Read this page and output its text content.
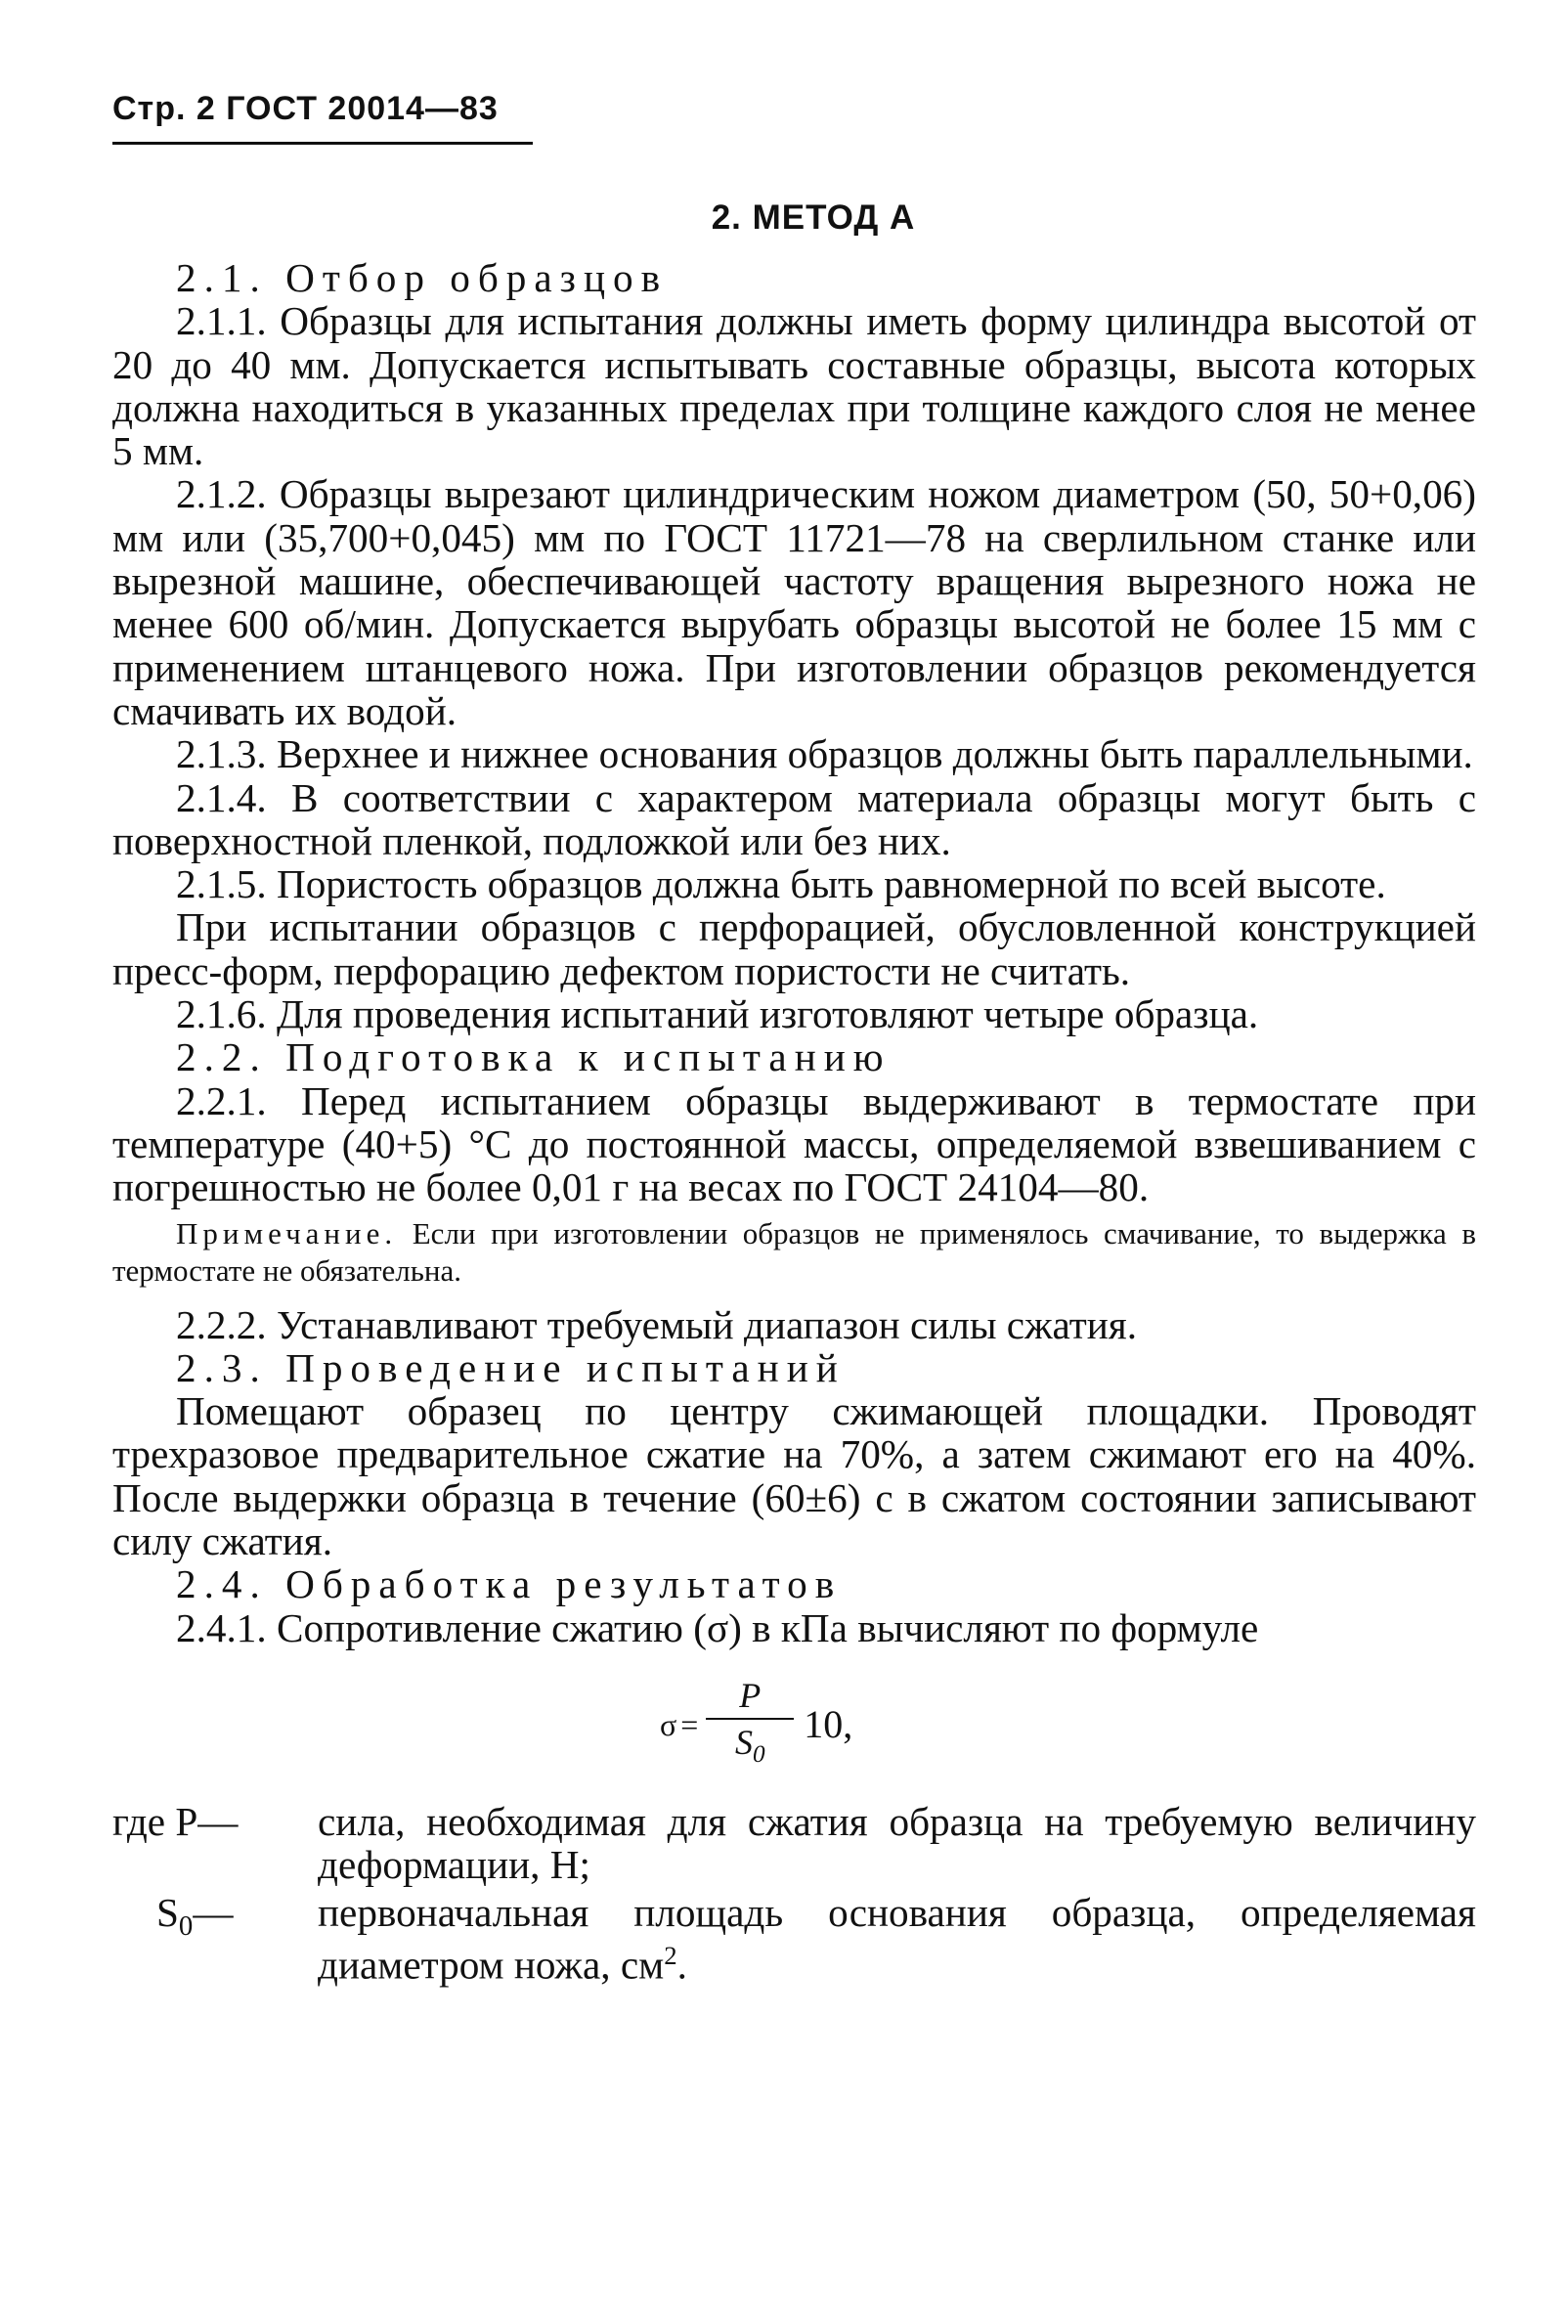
Стр. 2 ГОСТ 20014—83
2. МЕТОД А

2.1. Отбор образцов

2.1.1. Образцы для испытания должны иметь форму цилиндра высотой от 20 до 40 мм. Допускается испытывать составные образцы, высота которых должна находиться в указанных пределах при толщине каждого слоя не менее 5 мм.

2.1.2. Образцы вырезают цилиндрическим ножом диаметром (50, 50+0,06) мм или (35,700+0,045) мм по ГОСТ 11721—78 на сверлильном станке или вырезной машине, обеспечивающей частоту вращения вырезного ножа не менее 600 об/мин. Допускается вырубать образцы высотой не более 15 мм с применением штанцевого ножа. При изготовлении образцов рекомендуется смачивать их водой.

2.1.3. Верхнее и нижнее основания образцов должны быть параллельными.

2.1.4. В соответствии с характером материала образцы могут быть с поверхностной пленкой, подложкой или без них.

2.1.5. Пористость образцов должна быть равномерной по всей высоте.

При испытании образцов с перфорацией, обусловленной конструкцией пресс-форм, перфорацию дефектом пористости не считать.

2.1.6. Для проведения испытаний изготовляют четыре образца.

2.2. Подготовка к испытанию

2.2.1. Перед испытанием образцы выдерживают в термостате при температуре (40+5) °С до постоянной массы, определяемой взвешиванием с погрешностью не более 0,01 г на весах по ГОСТ 24104—80.

Примечание. Если при изготовлении образцов не применялось смачивание, то выдержка в термостате не обязательна.

2.2.2. Устанавливают требуемый диапазон силы сжатия.

2.3. Проведение испытаний

Помещают образец по центру сжимающей площадки. Проводят трехразовое предварительное сжатие на 70%, а затем сжимают его на 40%. После выдержки образца в течение (60±6) с в сжатом состоянии записывают силу сжатия.

2.4. Обработка результатов

2.4.1. Сопротивление сжатию (σ) в кПа вычисляют по формуле

$\sigma = \frac{P}{S_0} 10$,
где P—	сила, необходимая для сжатия образца на требуемую величину деформации, Н;
$S_0—$	первоначальная площадь основания образца, определяемая диаметром ножа, $см^2$.
